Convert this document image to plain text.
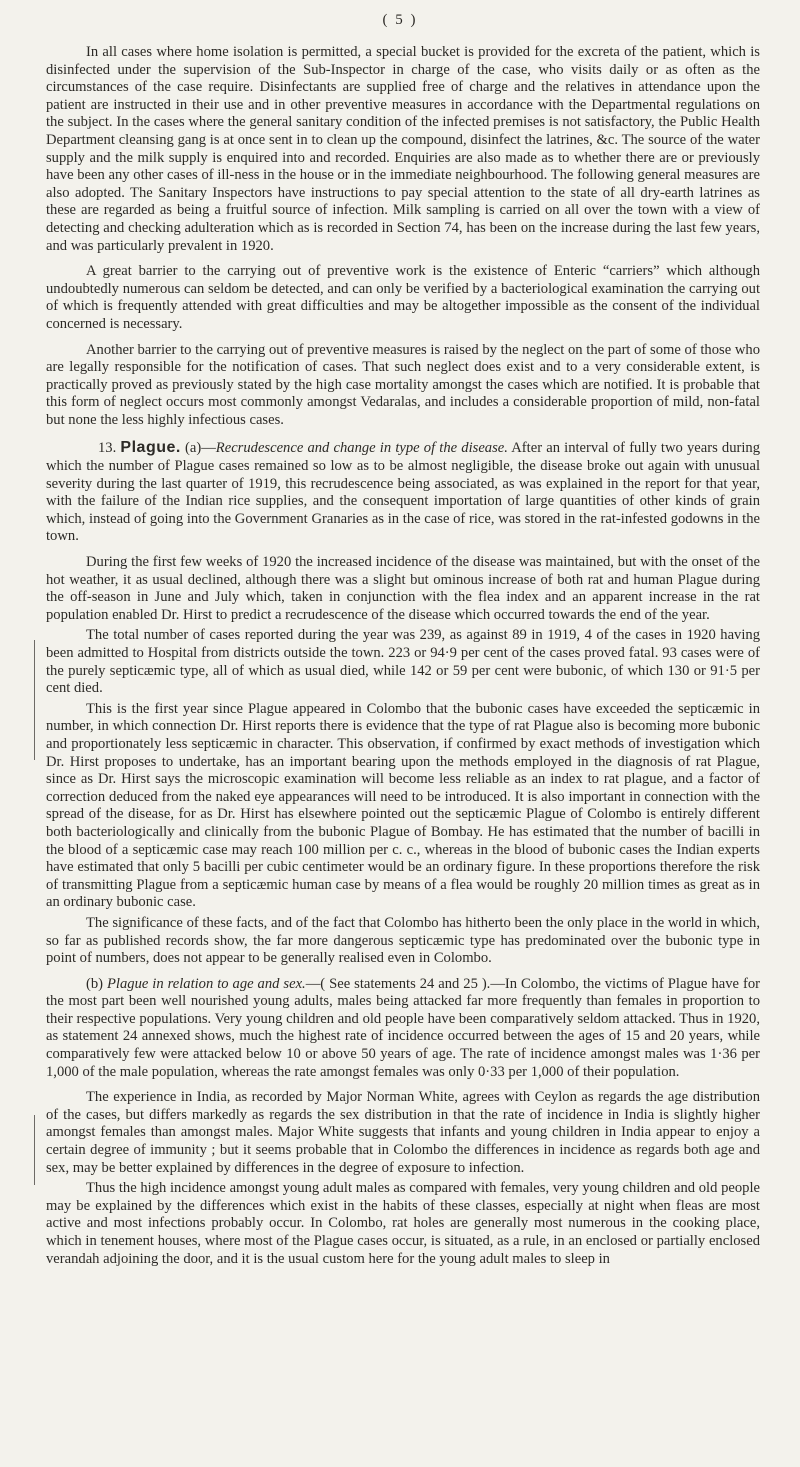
( 5 )

In all cases where home isolation is permitted, a special bucket is provided for the excreta of the patient, which is disinfected under the supervision of the Sub-Inspector in charge of the case, who visits daily or as often as the circumstances of the case require. Disinfectants are supplied free of charge and the relatives in attendance upon the patient are instructed in their use and in other preventive measures in accordance with the Departmental regulations on the subject. In the cases where the general sanitary condition of the infected premises is not satisfactory, the Public Health Department cleansing gang is at once sent in to clean up the compound, disinfect the latrines, &c. The source of the water supply and the milk supply is enquired into and recorded. Enquiries are also made as to whether there are or previously have been any other cases of ill-ness in the house or in the immediate neighbourhood. The following general measures are also adopted. The Sanitary Inspectors have instructions to pay special attention to the state of all dry-earth latrines as these are regarded as being a fruitful source of infection. Milk sampling is carried on all over the town with a view of detecting and checking adulteration which as is recorded in Section 74, has been on the increase during the last few years, and was particularly prevalent in 1920.

A great barrier to the carrying out of preventive work is the existence of Enteric “carriers” which although undoubtedly numerous can seldom be detected, and can only be verified by a bacteriological examination the carrying out of which is frequently attended with great difficulties and may be altogether impossible as the consent of the individual concerned is necessary.

Another barrier to the carrying out of preventive measures is raised by the neglect on the part of some of those who are legally responsible for the notification of cases. That such neglect does exist and to a very considerable extent, is practically proved as previously stated by the high case mortality amongst the cases which are notified. It is probable that this form of neglect occurs most commonly amongst Vedaralas, and includes a considerable proportion of mild, non-fatal but none the less highly infectious cases.

13. Plague. (a)—Recrudescence and change in type of the disease. After an interval of fully two years during which the number of Plague cases remained so low as to be almost negligible, the disease broke out again with unusual severity during the last quarter of 1919, this recrudescence being associated, as was explained in the report for that year, with the failure of the Indian rice supplies, and the consequent importation of large quantities of other kinds of grain which, instead of going into the Government Granaries as in the case of rice, was stored in the rat-infested godowns in the town.

During the first few weeks of 1920 the increased incidence of the disease was maintained, but with the onset of the hot weather, it as usual declined, although there was a slight but ominous increase of both rat and human Plague during the off-season in June and July which, taken in conjunction with the flea index and an apparent increase in the rat population enabled Dr. Hirst to predict a recrudescence of the disease which occurred towards the end of the year.

The total number of cases reported during the year was 239, as against 89 in 1919, 4 of the cases in 1920 having been admitted to Hospital from districts outside the town. 223 or 94·9 per cent of the cases proved fatal. 93 cases were of the purely septicæmic type, all of which as usual died, while 142 or 59 per cent were bubonic, of which 130 or 91·5 per cent died.

This is the first year since Plague appeared in Colombo that the bubonic cases have exceeded the septicæmic in number, in which connection Dr. Hirst reports there is evidence that the type of rat Plague also is becoming more bubonic and proportionately less septicæmic in character. This observation, if confirmed by exact methods of investigation which Dr. Hirst proposes to undertake, has an important bearing upon the methods employed in the diagnosis of rat Plague, since as Dr. Hirst says the microscopic examination will become less reliable as an index to rat plague, and a factor of correction deduced from the naked eye appearances will need to be introduced. It is also important in connection with the spread of the disease, for as Dr. Hirst has elsewhere pointed out the septicæmic Plague of Colombo is entirely different both bacteriologically and clinically from the bubonic Plague of Bombay. He has estimated that the number of bacilli in the blood of a septicæmic case may reach 100 million per c. c., whereas in the blood of bubonic cases the Indian experts have estimated that only 5 bacilli per cubic centimeter would be an ordinary figure. In these proportions therefore the risk of transmitting Plague from a septicæmic human case by means of a flea would be roughly 20 million times as great as in an ordinary bubonic case.

The significance of these facts, and of the fact that Colombo has hitherto been the only place in the world in which, so far as published records show, the far more dangerous septicæmic type has predominated over the bubonic type in point of numbers, does not appear to be generally realised even in Colombo.

(b) Plague in relation to age and sex.—( See statements 24 and 25 ).—In Colombo, the victims of Plague have for the most part been well nourished young adults, males being attacked far more frequently than females in proportion to their respective populations. Very young children and old people have been comparatively seldom attacked. Thus in 1920, as statement 24 annexed shows, much the highest rate of incidence occurred between the ages of 15 and 20 years, while comparatively few were attacked below 10 or above 50 years of age. The rate of incidence amongst males was 1·36 per 1,000 of the male population, whereas the rate amongst females was only 0·33 per 1,000 of their population.

The experience in India, as recorded by Major Norman White, agrees with Ceylon as regards the age distribution of the cases, but differs markedly as regards the sex distribution in that the rate of incidence in India is slightly higher amongst females than amongst males. Major White suggests that infants and young children in India appear to enjoy a certain degree of immunity ; but it seems probable that in Colombo the differences in incidence as regards both age and sex, may be better explained by differences in the degree of exposure to infection.

Thus the high incidence amongst young adult males as compared with females, very young children and old people may be explained by the differences which exist in the habits of these classes, especially at night when fleas are most active and most infections probably occur. In Colombo, rat holes are generally most numerous in the cooking place, which in tenement houses, where most of the Plague cases occur, is situated, as a rule, in an enclosed or partially enclosed verandah adjoining the door, and it is the usual custom here for the young adult males to sleep in
